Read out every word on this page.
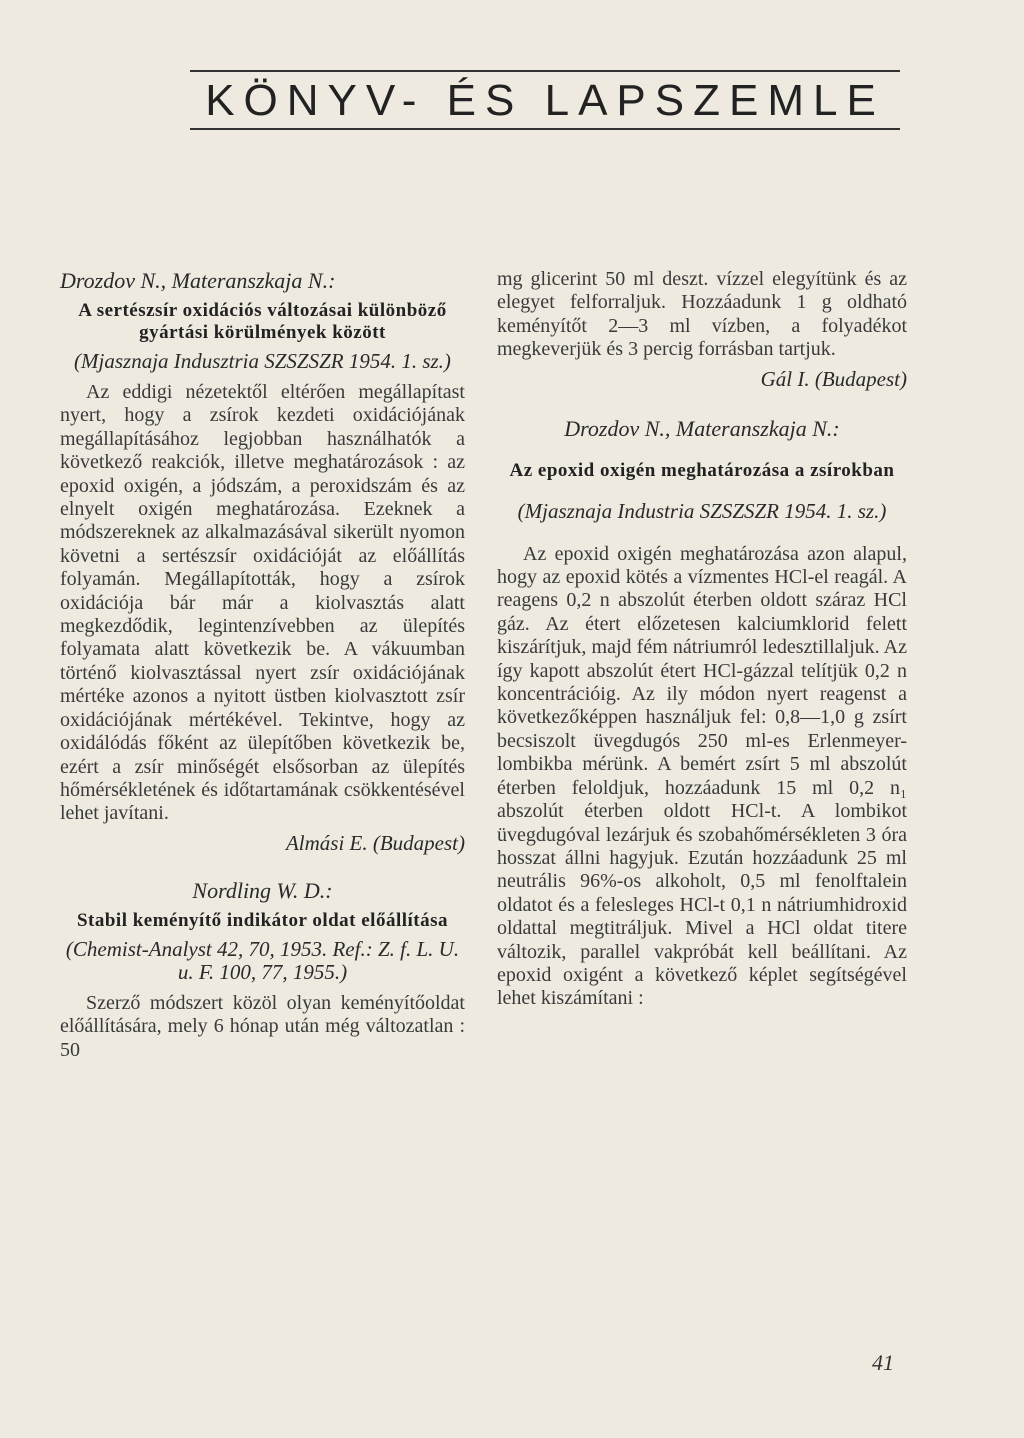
KÖNYV- ÉS LAPSZEMLE

Drozdov N., Materanszkaja N.:

A sertészsír oxidációs változásai különböző gyártási körülmények között

(Mjasznaja Indusztria SZSZSZR 1954. 1. sz.)

Az eddigi nézetektől eltérően megállapítast nyert, hogy a zsírok kezdeti oxidációjának megállapításához legjobban használhatók a következő reakciók, illetve meghatározások : az epoxid oxigén, a jódszám, a peroxidszám és az elnyelt oxigén meghatározása. Ezeknek a módszereknek az alkalmazásával sikerült nyomon követni a sertészsír oxidációját az előállítás folyamán. Megállapították, hogy a zsírok oxidációja bár már a kiolvasztás alatt megkezdődik, legintenzívebben az ülepítés folyamata alatt következik be. A vákuumban történő kiolvasztással nyert zsír oxidációjának mértéke azonos a nyitott üstben kiolvasztott zsír oxidációjának mértékével. Tekintve, hogy az oxidálódás főként az ülepítőben következik be, ezért a zsír minőségét elsősorban az ülepítés hőmérsékletének és időtartamának csökkentésével lehet javítani.

Almási E. (Budapest)

Nordling W. D.:

Stabil keményítő indikátor oldat előállítása

(Chemist-Analyst 42, 70, 1953. Ref.: Z. f. L. U. u. F. 100, 77, 1955.)

Szerző módszert közöl olyan keményítőoldat előállítására, mely 6 hónap után még változatlan : 50

mg glicerint 50 ml deszt. vízzel elegyítünk és az elegyet felforraljuk. Hozzáadunk 1 g oldható keményítőt 2—3 ml vízben, a folyadékot megkeverjük és 3 percig forrásban tartjuk.

Gál I. (Budapest)

Drozdov N., Materanszkaja N.:

Az epoxid oxigén meghatározása a zsírokban

(Mjasznaja Industria SZSZSZR 1954. 1. sz.)

Az epoxid oxigén meghatározása azon alapul, hogy az epoxid kötés a vízmentes HCl-el reagál. A reagens 0,2 n abszolút éterben oldott száraz HCl gáz. Az étert előzetesen kalciumklorid felett kiszárítjuk, majd fém nátriumról ledesztillaljuk. Az így kapott abszolút étert HCl-gázzal telítjük 0,2 n koncentrációig. Az ily módon nyert reagenst a következőképpen használjuk fel: 0,8—1,0 g zsírt becsiszolt üvegdugós 250 ml-es Erlenmeyer-lombikba mérünk. A bemért zsírt 5 ml abszolút éterben feloldjuk, hozzáadunk 15 ml 0,2 n₁ abszolút éterben oldott HCl-t. A lombikot üvegdugóval lezárjuk és szobahőmérsékleten 3 óra hosszat állni hagyjuk. Ezután hozzáadunk 25 ml neutrális 96%-os alkoholt, 0,5 ml fenolftalein oldatot és a felesleges HCl-t 0,1 n nátriumhidroxid oldattal megtitráljuk. Mivel a HCl oldat titere változik, parallel vakpróbát kell beállítani. Az epoxid oxigént a következő képlet segítségével lehet kiszámítani :

41
